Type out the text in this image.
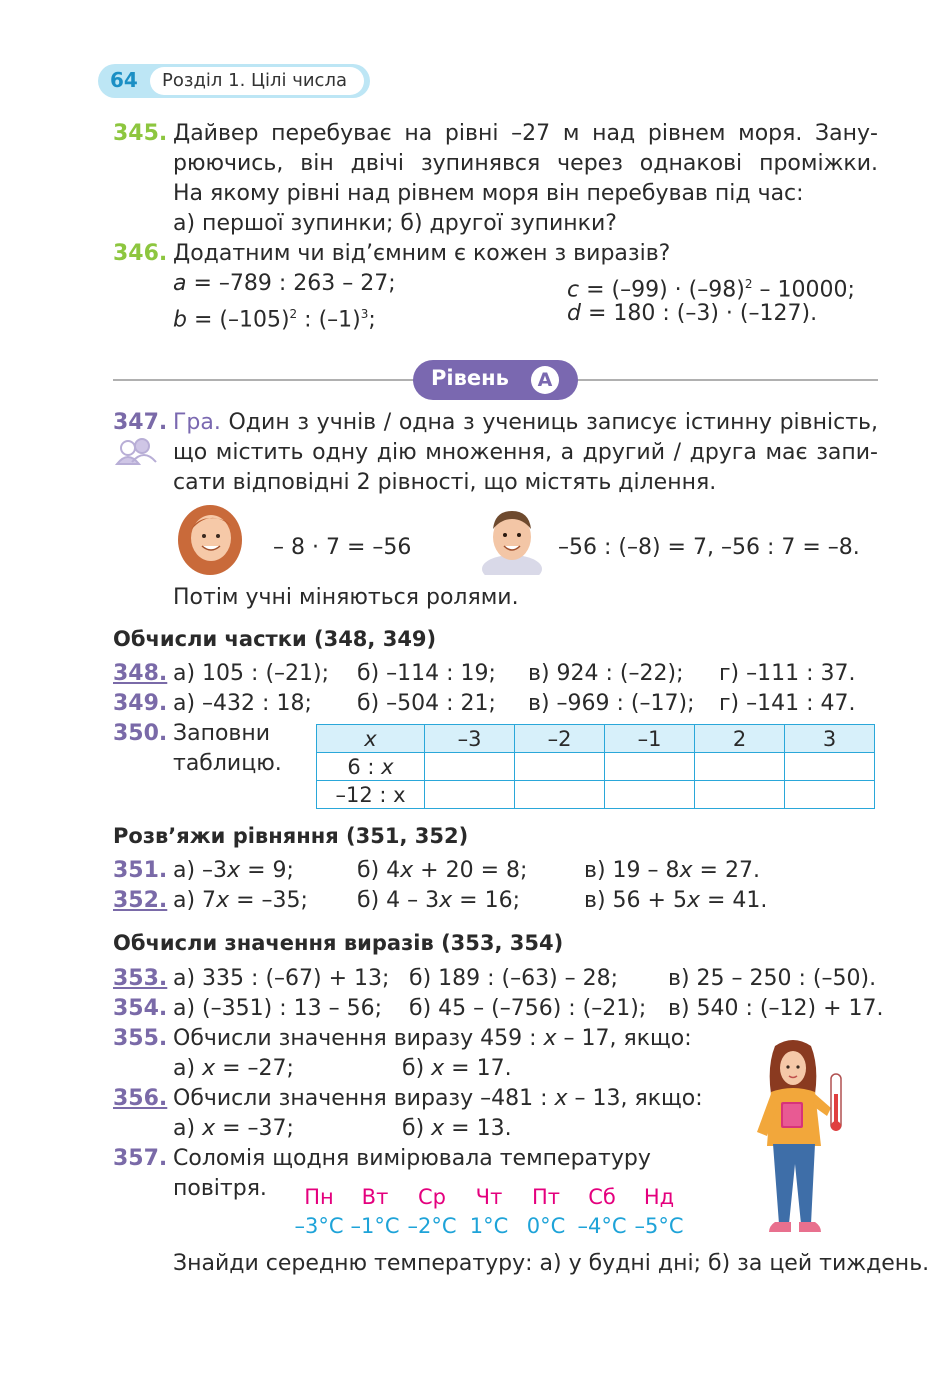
64 Розділ 1. Цілі числа
345. Дайвер перебуває на рівні –27 м над рівнем моря. Зану-
рюючись, він двічі зупинявся через однакові проміжки.
На якому рівні над рівнем моря він перебував під час:
а) першої зупинки; б) другої зупинки?
346. Додатним чи від’ємним є кожен з виразів?
a = –789 : 263 – 27;	$c = (-99) \cdot (-98)^2 - 10000$;
$b = (-105)^2$ : $(-1)^3$;	d = 180 : (–3) · (–127).
Рівень	A
347. Гра. Один з учнів / одна з учениць записує істинну рівність,
що містить одну дію множення, а другий / друга має запи-
сати відповідні 2 рівності, що містять ділення.
– 8 · 7 = –56	–56 : (–8) = 7, –56 : 7 = –8.
Потім учні міняються ролями.
Обчисли частки (348, 349)
348. а) 105 : (–21); б) –114 : 19; в) 924 : (–22); г) –111 : 37.
349. а) –432 : 18; б) –504 : 21; в) –969 : (–17); г) –141 : 47.
350. Заповни
таблицю.
x	–3	–2	–1	2	3
6 : x					
–12 : x					
Розв’яжи рівняння (351, 352)
351. а) –3x = 9;	б) 4x + 20 = 8;	в) 19 – 8x = 27.
352. а) 7x = –35; б) 4 – 3x = 16;	в) 56 + 5x = 41.
Обчисли значення виразів (353, 354)
353. а) 335 : (–67) + 13; б) 189 : (–63) – 28; в) 25 – 250 : (–50).
354. а) (–351) : 13 – 56; б) 45 – (–756) : (–21); в) 540 : (–12) + 17.
355. Обчисли значення виразу 459 : x – 17, якщо:
а) x = –27;	б) x = 17.
356. Обчисли значення виразу –481 : x – 13, якщо:
а) x = –37;	б) x = 13.
357. Соломія щодня вимірювала температуру
повітря.	Пн	Вт	Ср	Чт	Пт	Сб	Нд
–3°C –1°C –2°C 1°C 0°C –4°C –5°C
Знайди середню температуру: а) у будні дні; б) за цей тиждень.
